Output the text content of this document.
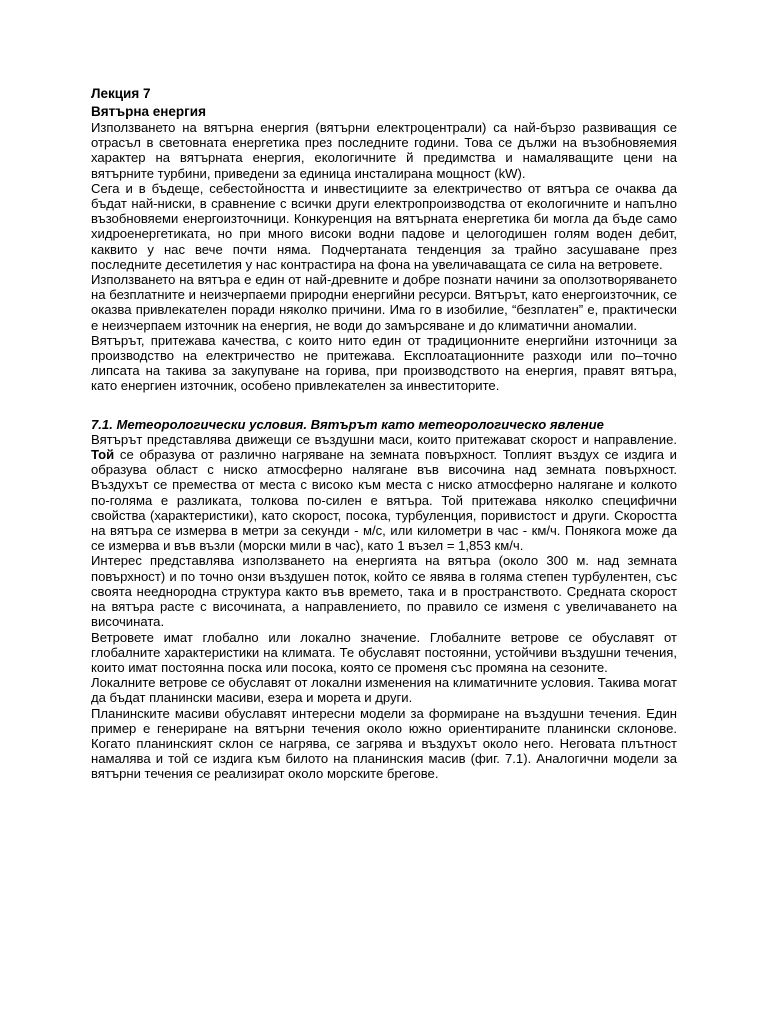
Лекция 7

Вятърна енергия

Използването на вятърна енергия (вятърни електроцентрали) са най-бързо развиващия се отрасъл в световната енергетика през последните години. Това се дължи на възобновяемия характер на вятърната енергия, екологичните й предимства и намаляващите цени на вятърните турбини, приведени за единица инсталирана мощност (kW).

Сега и в бъдеще, себестойността и инвестициите за електричество от вятъра се очаква да бъдат най-ниски, в сравнение с всички други електропроизводства от екологичните и напълно възобновяеми енергоизточници. Конкуренция на вятърната енергетика би могла да бъде само хидроенергетиката, но при много високи водни падове и целогодишен голям воден дебит, каквито у нас вече почти няма. Подчертаната тенденция за трайно засушаване през последните десетилетия у нас контрастира на фона на увеличаващата се сила на ветровете.

Използването на вятъра е един от най-древните и добре познати начини за оползотворяването на безплатните и неизчерпаеми природни енергийни ресурси. Вятърът, като енергоизточник, се оказва привлекателен поради няколко причини. Има го в изобилие, “безплатен” е, практически е неизчерпаем източник на енергия, не води до замърсяване и до климатични аномалии.

Вятърът, притежава качества, с които нито един от традиционните енергийни източници за производство на електричество не притежава. Експлоатационните разходи или по–точно липсата на такива за закупуване на горива, при производството на енергия, правят вятъра, като енергиен източник, особено привлекателен за инвеститорите.

7.1. Метеорологически условия. Вятърът като метеорологическо явление

Вятърът представлява движещи се въздушни маси, които притежават скорост и направление. Той се образува от различно нагряване на земната повърхност. Топлият въздух се издига и образува област с ниско атмосферно налягане във височина над земната повърхност. Въздухът се премества от места с високо към места с ниско атмосферно налягане и колкото по-голяма е разликата, толкова по-силен е вятъра. Той притежава няколко специфични свойства (характеристики), като скорост, посока, турбуленция, поривистост и други. Скоростта на вятъра се измерва в метри за секунди - м/с, или километри в час - км/ч. Понякога може да се измерва и във възли (морски мили в час), като 1 възел = 1,853 км/ч.

Интерес представлява използването на енергията на вятъра (около 300 м. над земната повърхност) и по точно онзи въздушен поток, който се явява в голяма степен турбулентен, със своята нееднородна структура както във времето, така и в пространството. Средната скорост на вятъра расте с височината, а направлението, по правило се изменя с увеличаването на височината.

Ветровете имат глобално или локално значение. Глобалните ветрове се обуславят от глобалните характеристики на климата. Те обуславят постоянни, устойчиви въздушни течения, които имат постоянна поска или посока, която се променя със промяна на сезоните.

Локалните ветрове се обуславят от локални изменения на климатичните условия. Такива могат да бъдат планински масиви, езера и морета и други.

Планинските масиви обуславят интересни модели за формиране на въздушни течения. Един пример е генериране на вятърни течения около южно ориентираните планински склонове. Когато планинският склон се нагрява, се загрява и въздухът около него. Неговата плътност намалява и той се издига към билото на планинския масив (фиг. 7.1). Аналогични модели за вятърни течения се реализират около морските брегове.
